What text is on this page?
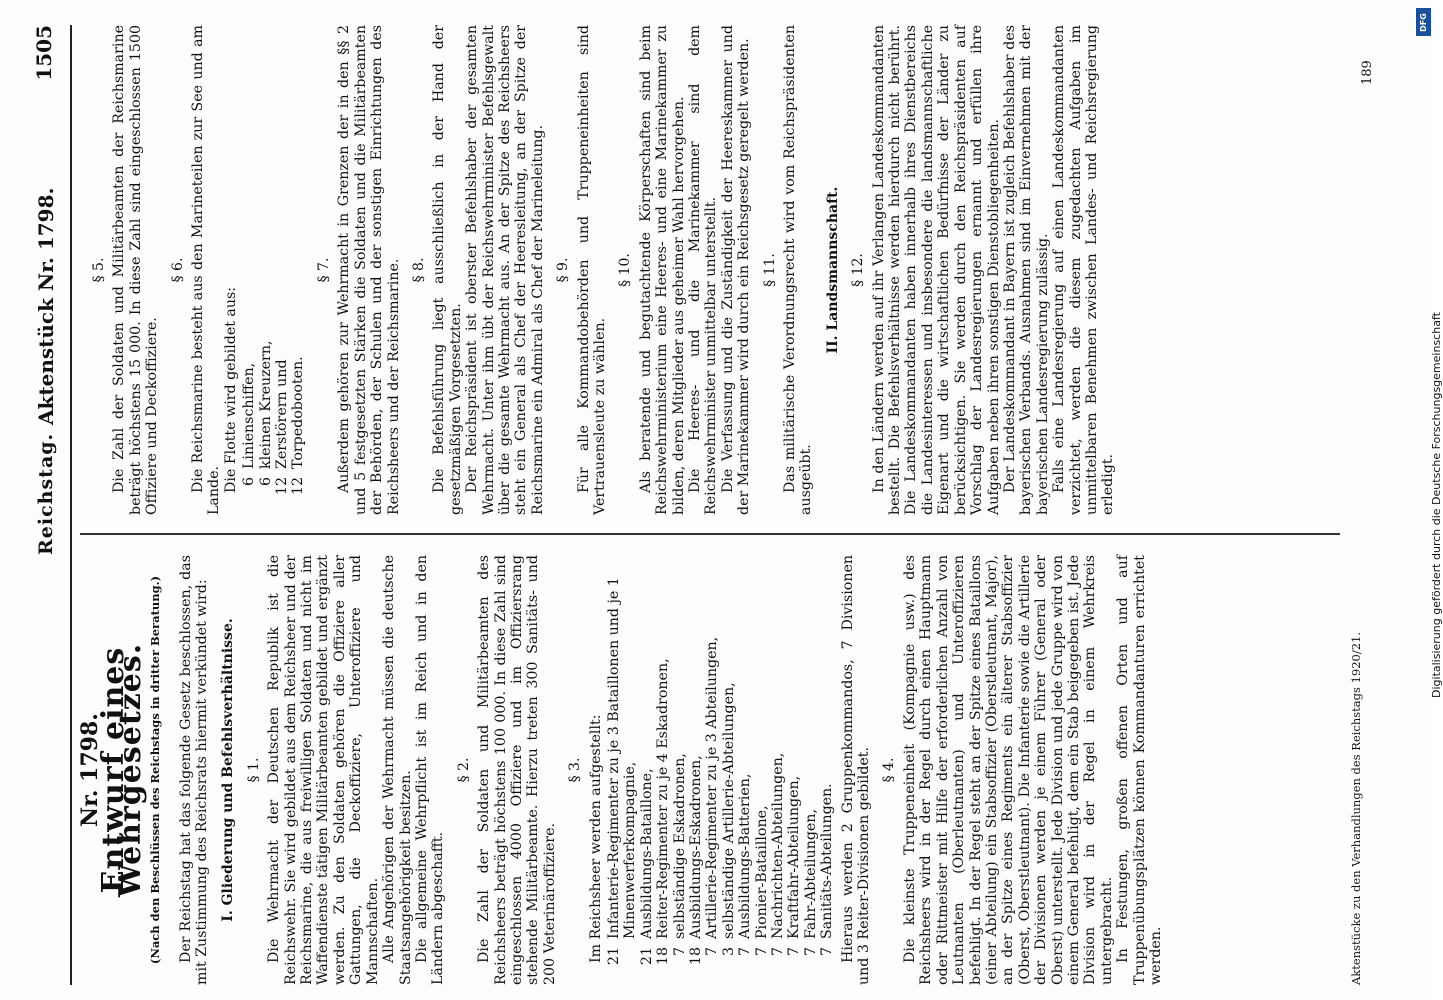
Reichstag.
Aktenstück Nr. 1798.
1505
Nr. 1798.
Entwurf eines Wehrgesetzes. (Nach den Beschlüssen des Reichstags in dritter Beratung.) Der Reichstag hat das folgende Gesetz beschlossen, das mit Zustimmung des Reichsrats hiermit verkündet wird: I. Gliederung und Befehlsverhältnisse. § 1. Die Wehrmacht der Deutschen Republik ist die Reichswehr. Sie wird gebildet aus dem Reichsheer und der Reichsmarine, die aus freiwilligen Soldaten und nicht im Waffendienste tätigen Militärbeamten gebildet und ergänzt werden. Zu den Soldaten gehören die Offiziere aller Gattungen, die Deckoffiziere, Unteroffiziere und Mannschaften. Alle Angehörigen der Wehrmacht müssen die deutsche Staatsangehörigkeit besitzen. Die allgemeine Wehrpflicht ist im Reich und in den Ländern abgeschafft.

§ 2. Die Zahl der Soldaten und Militärbeamten des Reichsheers beträgt höchstens 100 000. In diese Zahl sind eingeschlossen 4000 Offiziere und im Offiziersrang stehende Militärbeamte. Hierzu treten 300 Sanitäts- und 200 Veterinäroffiziere.

§ 3. Im Reichsheer werden aufgestellt: 21
Infanterie-Regimenter zu je 3 Bataillonen und je 1 Minenwerferkompagnie,
21
Ausbildungs-Bataillone,
18
Reiter-Regimenter zu je 4 Eskadronen,
7
selbständige Eskadronen,
18
Ausbildungs-Eskadronen,
7
Artillerie-Regimenter zu je 3 Abteilungen,
3
selbständige Artillerie-Abteilungen,
7
Ausbildungs-Batterien,
7
Pionier-Bataillone,
7
Nachrichten-Abteilungen,
7
Kraftfahr-Abteilungen,
7
Fahr-Abteilungen,
7
Sanitäts-Abteilungen. Hieraus werden 2 Gruppenkommandos, 7 Divisionen und 3 Reiter-Divisionen gebildet. § 4. Die kleinste Truppeneinheit (Kompagnie usw.) des Reichsheers wird in der Regel durch einen Hauptmann oder Rittmeister mit Hilfe der erforderlichen Anzahl von Leutnanten (Oberleutnanten) und Unteroffizieren befehligt. In der Regel steht an der Spitze eines Bataillons (einer Abteilung) ein Stabsoffizier (Oberstleutnant, Major), an der Spitze eines Regiments ein älterer Stabsoffizier (Oberst, Oberstleutnant). Die Infanterie sowie die Artillerie der Divisionen werden je einem Führer (General oder Oberst) unterstellt. Jede Division und jede Gruppe wird von einem General befehligt, dem ein Stab beigegeben ist. Jede Division wird in der Regel in einem Wehrkreis untergebracht. In Festungen, großen offenen Orten und auf Truppenübungsplätzen können Kommandanturen errichtet werden.

§ 5. Die Zahl der Soldaten und Militärbeamten der Reichsmarine beträgt höchstens 15 000. In diese Zahl sind eingeschlossen 1500 Offiziere und Deckoffiziere.

§ 6. Die Reichsmarine besteht aus den Marineteilen zur See und am Lande. Die Flotte wird gebildet aus: 6
Linienschiffen,
6
kleinen Kreuzern,
12
Zerstörern und
12
Torpedobooten.
§ 7. Außerdem gehören zur Wehrmacht in Grenzen der in den §§ 2 und 5 festgesetzten Stärken die Soldaten und die Militärbeamten der Behörden, der Schulen und der sonstigen Einrichtungen des Reichsheers und der Reichsmarine. § 8. Die Befehlsführung liegt ausschließlich in der Hand der gesetzmäßigen Vorgesetzten. Der Reichspräsident ist oberster Befehlshaber der gesamten Wehrmacht. Unter ihm übt der Reichswehrminister Befehlsgewalt über die gesamte Wehrmacht aus. An der Spitze des Reichsheers steht ein General als Chef der Heeresleitung, an der Spitze der Reichsmarine ein Admiral als Chef der Marineleitung. § 9. Für alle Kommandobehörden und Truppeneinheiten sind Vertrauensleute zu wählen.

§ 10. Als beratende und begutachtende Körperschaften sind beim Reichswehrministerium eine Heeres- und eine Marinekammer zu bilden, deren Mitglieder aus geheimer Wahl hervorgehen. Die Heeres- und die Marinekammer sind dem Reichswehrminister unmittelbar unterstellt. Die Verfassung und die Zuständigkeit der Heereskammer und der Marinekammer wird durch ein Reichsgesetz geregelt werden. § 11. Das militärische Verordnungsrecht wird vom Reichspräsidenten ausgeübt.

II. Landsmannschaft. § 12. In den Ländern werden auf ihr Verlangen Landeskommandanten bestellt. Die Befehlsverhältnisse werden hierdurch nicht berührt. Die Landeskommandanten haben innerhalb ihres Dienstbereichs die Landesinteressen und insbesondere die landsmannschaftliche Eigenart und die wirtschaftlichen Bedürfnisse der Länder zu berücksichtigen. Sie werden durch den Reichspräsidenten auf Vorschlag der Landesregierungen ernannt und erfüllen ihre Aufgaben neben ihren sonstigen Dienstobliegenheiten. Der Landeskommandant in Bayern ist zugleich Befehlshaber des bayerischen Verbands. Ausnahmen sind im Einvernehmen mit der bayerischen Landesregierung zulässig. Falls eine Landesregierung auf einen Landeskommandanten verzichtet, werden die diesem zugedachten Aufgaben im unmittelbaren Benehmen zwischen Landes- und Reichsregierung erledigt.

Aktenstücke zu den Verhandlungen des Reichstags 1920/21.
189
DFG
Digitalisierung gefördert durch die Deutsche Forschungsgemeinschaft
